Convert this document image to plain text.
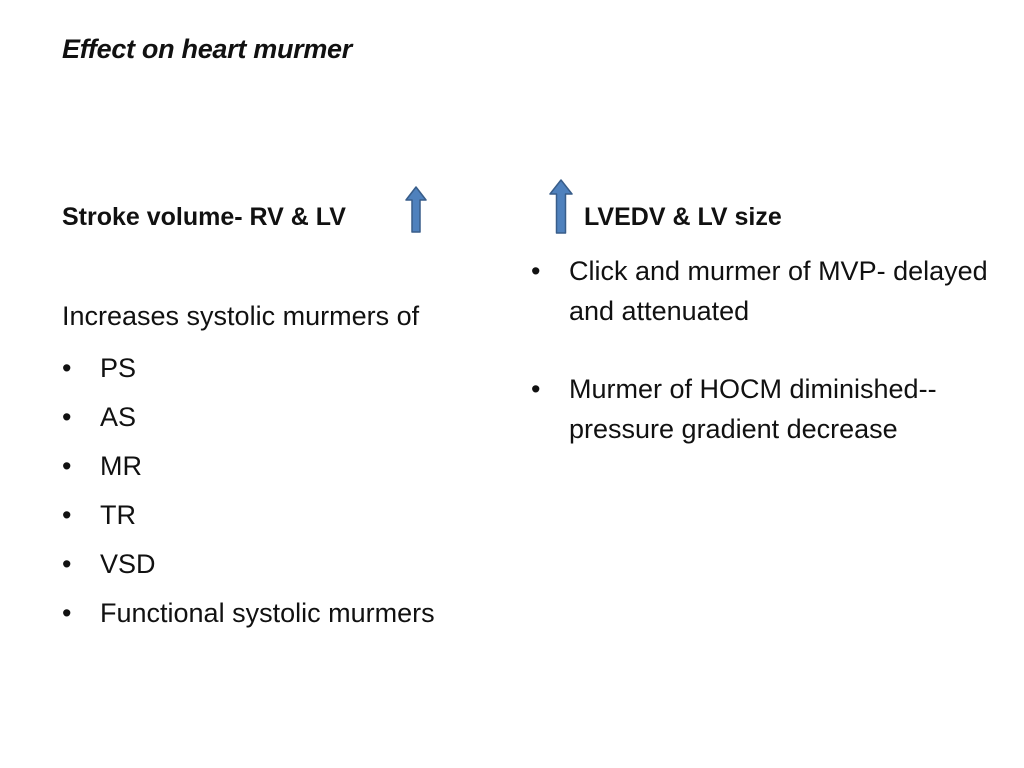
Effect on heart murmer
Stroke volume- RV & LV

Increases systolic murmers of

•	PS
•	AS
•	MR
•	TR
•	VSD
•	Functional systolic murmers
LVEDV & LV size
•	Click and murmer of MVP- delayed and attenuated
•	Murmer of HOCM diminished-- pressure gradient decrease
